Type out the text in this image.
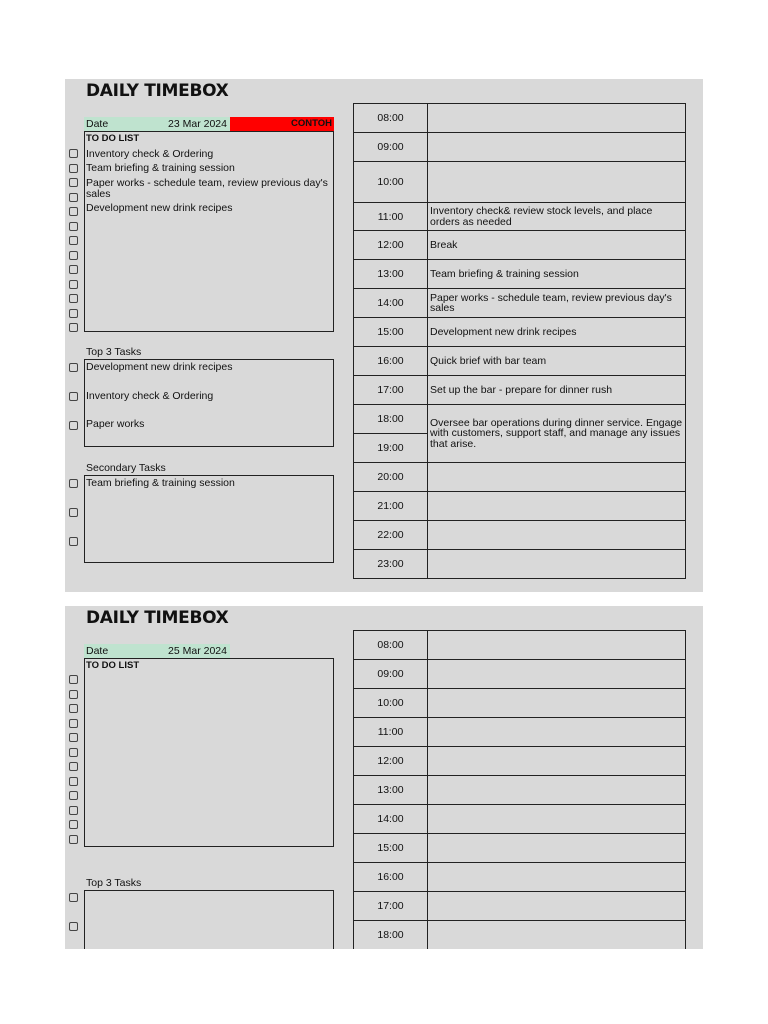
DAILY TIMEBOX
Date	23 Mar 2024	CONTOH
TO DO LIST
Inventory check & Ordering
Team briefing & training session
Paper works - schedule team, review previous day's sales
Development new drink recipes
Top 3 Tasks
Development new drink recipes
Inventory check & Ordering
Paper works
Secondary Tasks
Team briefing & training session
08:00	
09:00	
10:00	
11:00	Inventory check& review stock levels, and place orders as needed
12:00	Break
13:00	Team briefing & training session
14:00	Paper works - schedule team, review previous day's sales
15:00	Development new drink recipes
16:00	Quick brief with bar team
17:00	Set up the bar - prepare for dinner rush
18:00	Oversee bar operations during dinner service. Engage with customers, support staff, and manage any issues that arise.
19:00	
20:00	
21:00	
22:00	
23:00	
DAILY TIMEBOX
Date	25 Mar 2024
TO DO LIST
Top 3 Tasks
08:00	
09:00	
10:00	
11:00	
12:00	
13:00	
14:00	
15:00	
16:00	
17:00	
18:00	
